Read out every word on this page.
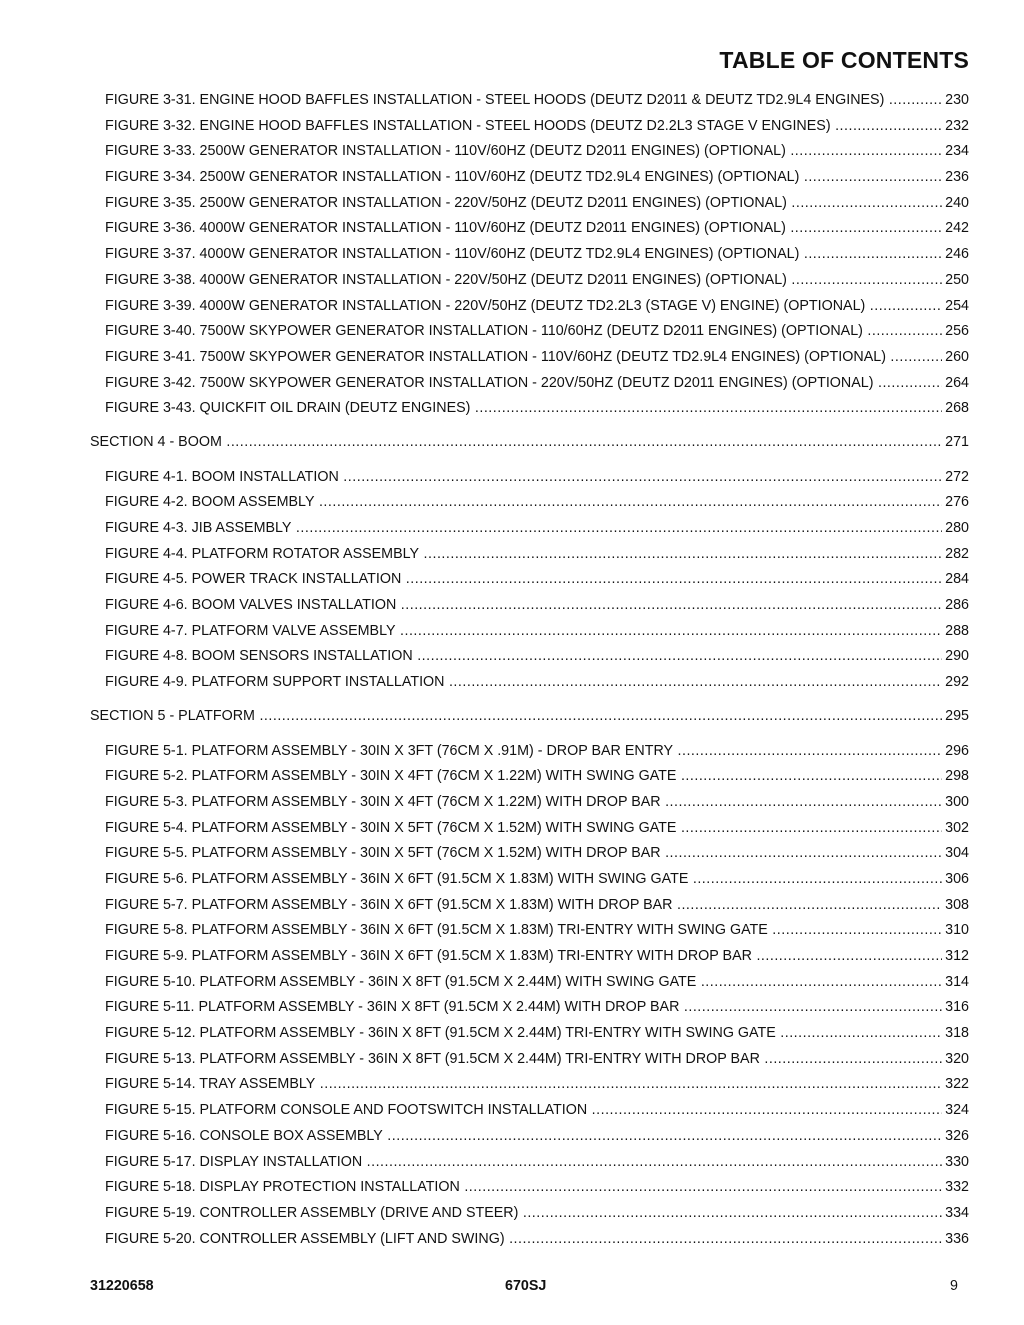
TABLE OF CONTENTS
FIGURE 3-31. ENGINE HOOD BAFFLES INSTALLATION - STEEL HOODS (DEUTZ D2011 & DEUTZ TD2.9L4 ENGINES) .....	230
FIGURE 3-32. ENGINE HOOD BAFFLES INSTALLATION - STEEL HOODS (DEUTZ D2.2L3 STAGE V ENGINES) .....	232
FIGURE 3-33. 2500W GENERATOR INSTALLATION - 110V/60HZ (DEUTZ D2011 ENGINES) (OPTIONAL) .....	234
FIGURE 3-34. 2500W GENERATOR INSTALLATION - 110V/60HZ (DEUTZ TD2.9L4 ENGINES) (OPTIONAL) .....	236
FIGURE 3-35. 2500W GENERATOR INSTALLATION - 220V/50HZ (DEUTZ D2011 ENGINES) (OPTIONAL) .....	240
FIGURE 3-36. 4000W GENERATOR INSTALLATION - 110V/60HZ (DEUTZ D2011 ENGINES) (OPTIONAL) .....	242
FIGURE 3-37. 4000W GENERATOR INSTALLATION - 110V/60HZ (DEUTZ TD2.9L4 ENGINES) (OPTIONAL) .....	246
FIGURE 3-38. 4000W GENERATOR INSTALLATION - 220V/50HZ (DEUTZ D2011 ENGINES) (OPTIONAL) .....	250
FIGURE 3-39. 4000W GENERATOR INSTALLATION - 220V/50HZ (DEUTZ TD2.2L3 (STAGE V) ENGINE) (OPTIONAL) .....	254
FIGURE 3-40. 7500W SKYPOWER GENERATOR INSTALLATION - 110/60HZ (DEUTZ D2011 ENGINES) (OPTIONAL) .....	256
FIGURE 3-41. 7500W SKYPOWER GENERATOR INSTALLATION - 110V/60HZ (DEUTZ TD2.9L4 ENGINES) (OPTIONAL) .....	260
FIGURE 3-42. 7500W SKYPOWER GENERATOR INSTALLATION - 220V/50HZ (DEUTZ D2011 ENGINES) (OPTIONAL) .....	264
FIGURE 3-43. QUICKFIT OIL DRAIN (DEUTZ ENGINES) .....	268
SECTION 4 - BOOM .....	271
FIGURE 4-1. BOOM INSTALLATION .....	272
FIGURE 4-2. BOOM ASSEMBLY .....	276
FIGURE 4-3. JIB ASSEMBLY .....	280
FIGURE 4-4. PLATFORM ROTATOR ASSEMBLY .....	282
FIGURE 4-5. POWER TRACK INSTALLATION .....	284
FIGURE 4-6. BOOM VALVES INSTALLATION .....	286
FIGURE 4-7. PLATFORM VALVE ASSEMBLY .....	288
FIGURE 4-8. BOOM SENSORS INSTALLATION .....	290
FIGURE 4-9. PLATFORM SUPPORT INSTALLATION .....	292
SECTION 5 - PLATFORM .....	295
FIGURE 5-1. PLATFORM ASSEMBLY - 30IN X 3FT (76CM X .91M) - DROP BAR ENTRY .....	296
FIGURE 5-2. PLATFORM ASSEMBLY - 30IN X 4FT (76CM X 1.22M) WITH SWING GATE .....	298
FIGURE 5-3. PLATFORM ASSEMBLY - 30IN X 4FT (76CM X 1.22M) WITH DROP BAR .....	300
FIGURE 5-4. PLATFORM ASSEMBLY - 30IN X 5FT (76CM X 1.52M) WITH SWING GATE .....	302
FIGURE 5-5. PLATFORM ASSEMBLY - 30IN X 5FT (76CM X 1.52M) WITH DROP BAR .....	304
FIGURE 5-6. PLATFORM ASSEMBLY - 36IN X 6FT (91.5CM X 1.83M) WITH SWING GATE .....	306
FIGURE 5-7. PLATFORM ASSEMBLY - 36IN X 6FT (91.5CM X 1.83M) WITH DROP BAR .....	308
FIGURE 5-8. PLATFORM ASSEMBLY - 36IN X 6FT (91.5CM X 1.83M) TRI-ENTRY WITH SWING GATE .....	310
FIGURE 5-9. PLATFORM ASSEMBLY - 36IN X 6FT (91.5CM X 1.83M) TRI-ENTRY WITH DROP BAR .....	312
FIGURE 5-10. PLATFORM ASSEMBLY - 36IN X 8FT (91.5CM X 2.44M) WITH SWING GATE .....	314
FIGURE 5-11. PLATFORM ASSEMBLY - 36IN X 8FT (91.5CM X 2.44M) WITH DROP BAR .....	316
FIGURE 5-12. PLATFORM ASSEMBLY - 36IN X 8FT (91.5CM X 2.44M) TRI-ENTRY WITH SWING GATE .....	318
FIGURE 5-13. PLATFORM ASSEMBLY - 36IN X 8FT (91.5CM X 2.44M) TRI-ENTRY WITH DROP BAR .....	320
FIGURE 5-14. TRAY ASSEMBLY .....	322
FIGURE 5-15. PLATFORM CONSOLE AND FOOTSWITCH INSTALLATION .....	324
FIGURE 5-16. CONSOLE BOX ASSEMBLY .....	326
FIGURE 5-17. DISPLAY INSTALLATION .....	330
FIGURE 5-18. DISPLAY PROTECTION INSTALLATION .....	332
FIGURE 5-19. CONTROLLER ASSEMBLY (DRIVE AND STEER) .....	334
FIGURE 5-20. CONTROLLER ASSEMBLY (LIFT AND SWING) .....	336
31220658	670SJ	9
